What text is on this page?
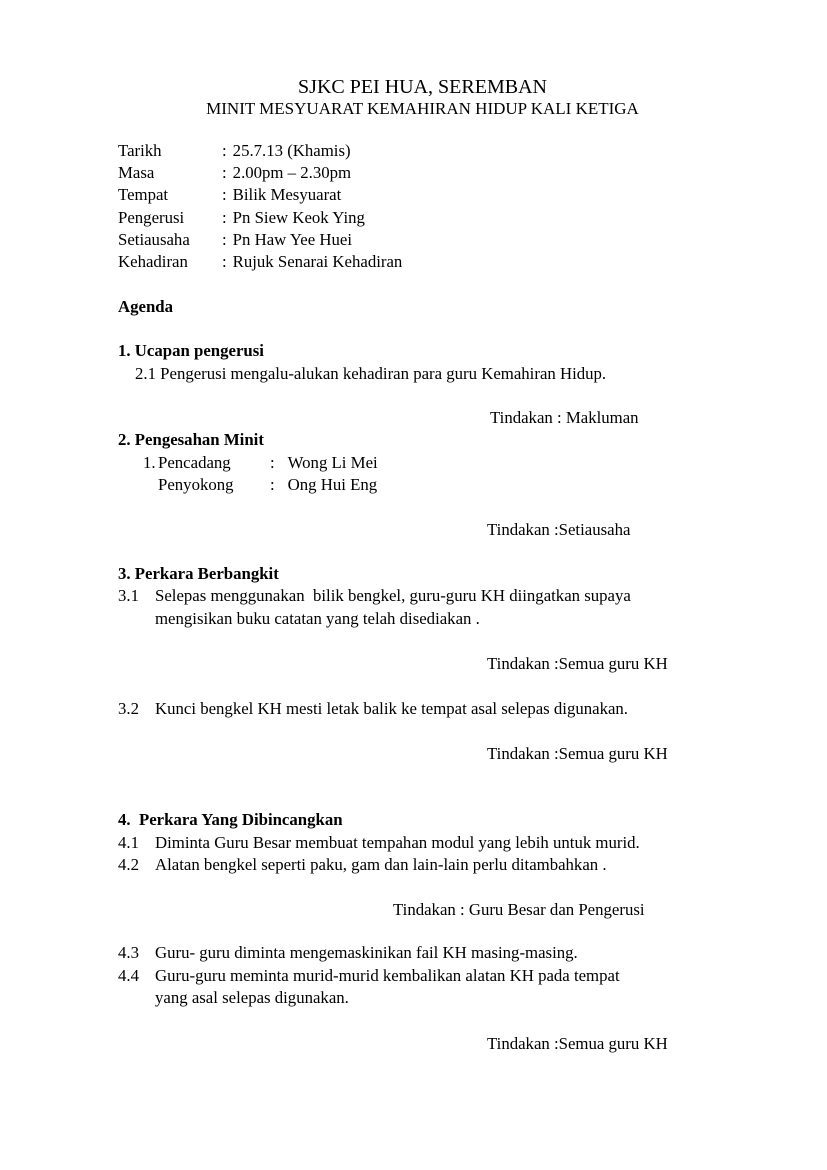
SJKC PEI HUA, SEREMBAN
MINIT MESYUARAT KEMAHIRAN HIDUP KALI KETIGA
Tarikh	: 25.7.13 (Khamis)
Masa	: 2.00pm – 2.30pm
Tempat	: Bilik Mesyuarat
Pengerusi : Pn Siew Keok Ying
Setiausaha : Pn Haw Yee Huei
Kehadiran : Rujuk Senarai Kehadiran
Agenda
1. Ucapan pengerusi
2.1 Pengerusi mengalu-alukan kehadiran para guru Kemahiran Hidup.
Tindakan : Makluman
2. Pengesahan Minit
1. Pencadang : Wong Li Mei
Penyokong : Ong Hui Eng
Tindakan :Setiausaha
3. Perkara Berbangkit
3.1 Selepas menggunakan  bilik bengkel, guru-guru KH diingatkan supaya
mengisikan buku catatan yang telah disediakan .
Tindakan :Semua guru KH
3.2 Kunci bengkel KH mesti letak balik ke tempat asal selepas digunakan.
Tindakan :Semua guru KH
4.  Perkara Yang Dibincangkan
4.1 Diminta Guru Besar membuat tempahan modul yang lebih untuk murid.
4.2 Alatan bengkel seperti paku, gam dan lain-lain perlu ditambahkan .
Tindakan : Guru Besar dan Pengerusi
4.3 Guru- guru diminta mengemaskinikan fail KH masing-masing.
4.4 Guru-guru meminta murid-murid kembalikan alatan KH pada tempat
yang asal selepas digunakan.
Tindakan :Semua guru KH
